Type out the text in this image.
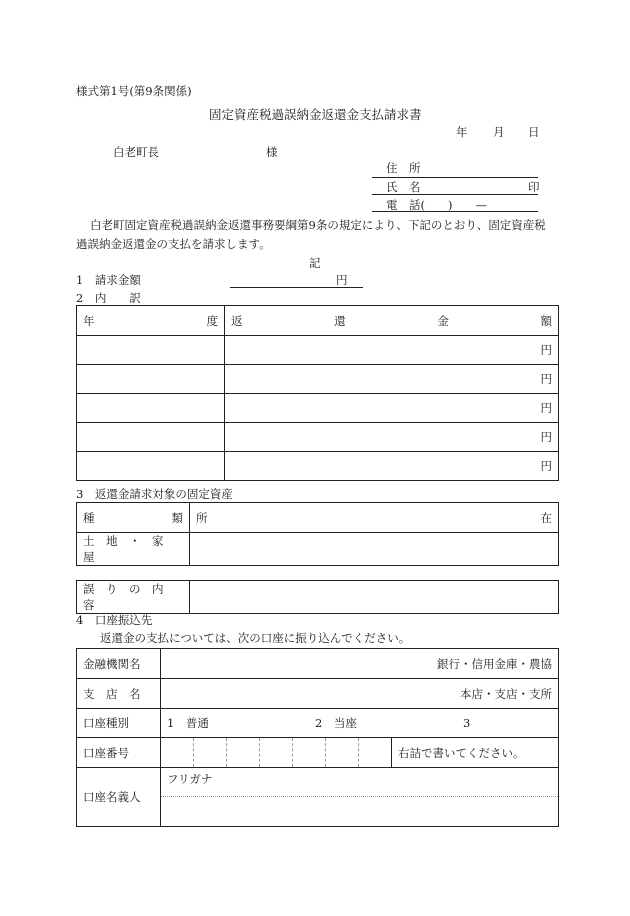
様式第1号(第9条関係)
固定資産税過誤納金返還金支払請求書
年 月 日
白老町長	様
住　所
氏　名	印
電　話(　　)　　—
白老町固定資産税過誤納金返還事務要綱第9条の規定により、下記のとおり、固定資産税
過誤納金返還金の支払を請求します。
記
1　請求金額	円
2　内　　訳
年 度	返 還 金 額

	円
	円
	円
	円
	円
3　返還金請求対象の固定資産
種 類	所 在

土　地　・　家　屋	
誤　り　の　内　容	
4　口座振込先
返還金の支払については、次の口座に振り込んでください。
金融機関名	銀行・信用金庫・農協
支　店　名	本店・支店・支所
口座種別	1　普通 2　当座 3
口座番号	右詰で書いてください。

口座名義人	フリガナ
